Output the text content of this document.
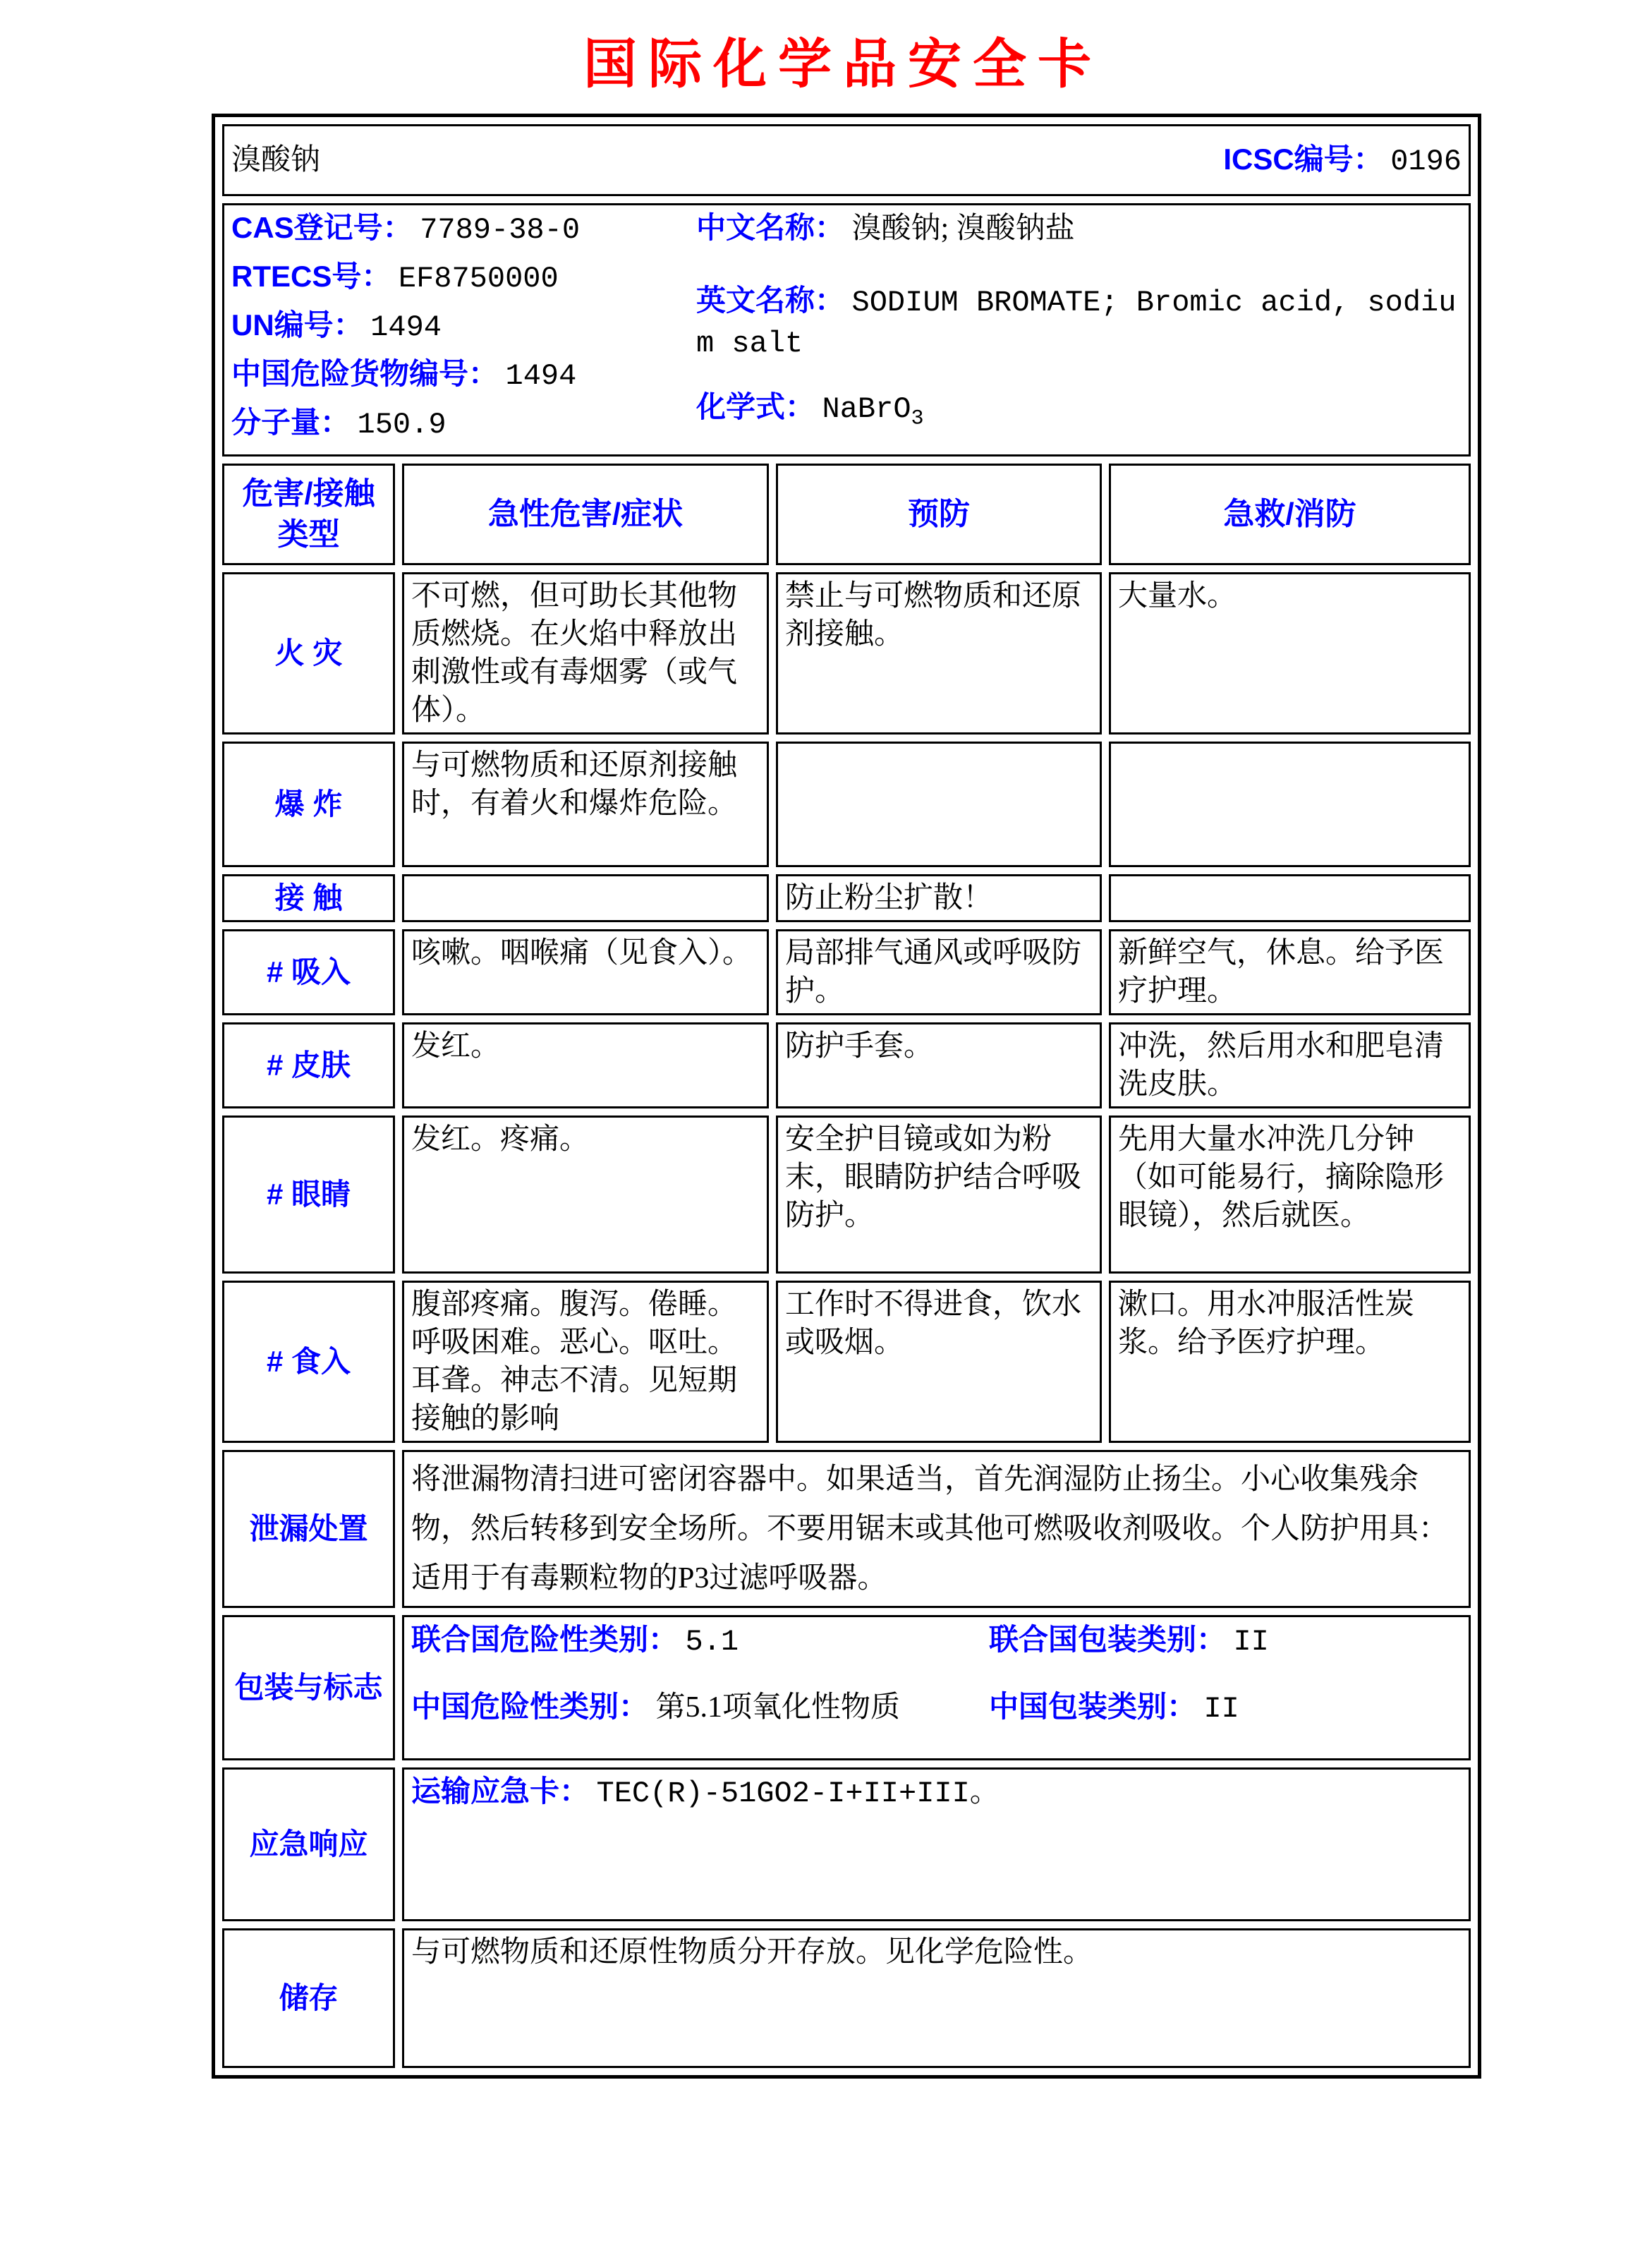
国际化学品安全卡
溴酸钠 ICSC编号： 0196			

CAS登记号： 7789-38-0
RTECS号： EF8750000
UN编号： 1494
中国危险货物编号： 1494
分子量： 150.9
中文名称： 溴酸钠; 溴酸钠盐
英文名称： SODIUM BROMATE; Bromic acid, sodium salt
化学式： NaBrO$_3$

危害/接触类型	急性危害/症状	预防	急救/消防
火 灾	不可燃，但可助长其他物质燃烧。在火焰中释放出刺激性或有毒烟雾（或气体）。	禁止与可燃物质和还原剂接触。	大量水。
爆 炸	与可燃物质和还原剂接触时，有着火和爆炸危险。		
接 触		防止粉尘扩散！	
# 吸入	咳嗽。咽喉痛（见食入）。	局部排气通风或呼吸防护。	新鲜空气，休息。给予医疗护理。
# 皮肤	发红。	防护手套。	冲洗，然后用水和肥皂清洗皮肤。
# 眼睛	发红。疼痛。	安全护目镜或如为粉末，眼睛防护结合呼吸防护。	先用大量水冲洗几分钟（如可能易行，摘除隐形眼镜），然后就医。
# 食入	腹部疼痛。腹泻。倦睡。呼吸困难。恶心。呕吐。耳聋。神志不清。见短期接触的影响	工作时不得进食，饮水或吸烟。	漱口。用水冲服活性炭浆。给予医疗护理。
泄漏处置	将泄漏物清扫进可密闭容器中。如果适当，首先润湿防止扬尘。小心收集残余物，然后转移到安全场所。不要用锯末或其他可燃吸收剂吸收。个人防护用具：适用于有毒颗粒物的P3过滤呼吸器。		
包装与标志	联合国危险性类别： 5.1 联合国包装类别： II
中国危险性类别： 第5.1项氧化性物质 中国包装类别： II		

应急响应	运输应急卡： TEC(R)-51GO2-I+II+III。		
储存	与可燃物质和还原性物质分开存放。见化学危险性。		
